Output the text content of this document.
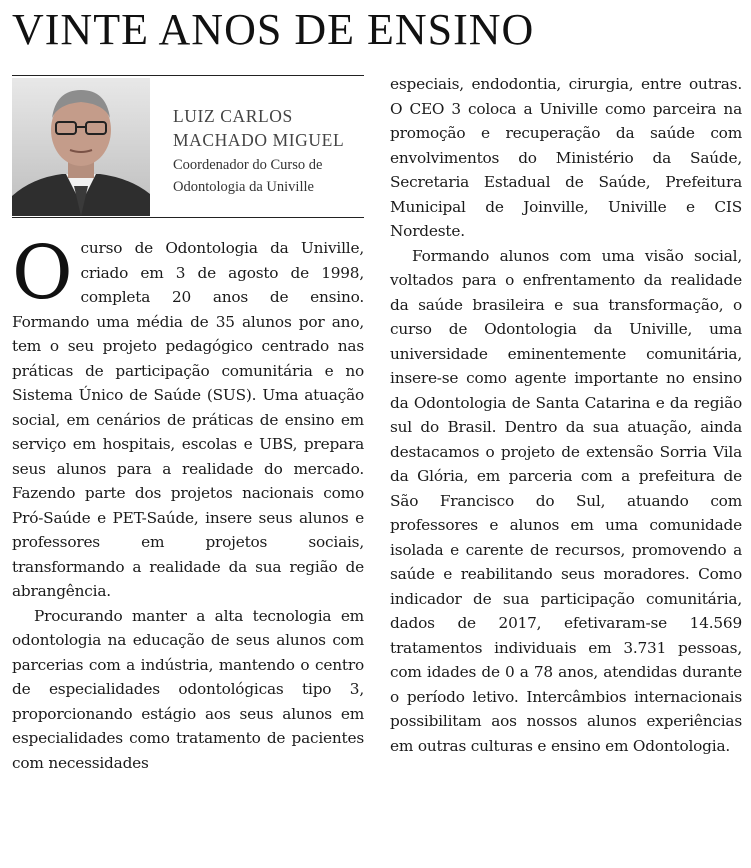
VINTE ANOS DE ENSINO

LUIZ CARLOS
MACHADO MIGUEL

Coordenador do Curso de
Odontologia da Univille

O curso de Odontologia da Univille, criado em 3 de agosto de 1998, completa 20 anos de ensino. Formando uma média de 35 alunos por ano, tem o seu projeto pedagógico centrado nas práticas de participação comunitária e no Sistema Único de Saúde (SUS). Uma atuação social, em cenários de práticas de ensino em serviço em hospitais, escolas e UBS, prepara seus alunos para a realidade do mercado. Fazendo parte dos projetos nacionais como Pró-Saúde e PET-Saúde, insere seus alunos e professores em projetos sociais, transformando a realidade da sua região de abrangência.

Procurando manter a alta tecnologia em odontologia na educação de seus alunos com parcerias com a indústria, mantendo o centro de especialidades odontológicas tipo 3, proporcionando estágio aos seus alunos em especialidades como tratamento de pacientes com necessidades

especiais, endodontia, cirurgia, entre outras. O CEO 3 coloca a Univille como parceira na promoção e recuperação da saúde com envolvimentos do Ministério da Saúde, Secretaria Estadual de Saúde, Prefeitura Municipal de Joinville, Univille e CIS Nordeste.

Formando alunos com uma visão social, voltados para o enfrentamento da realidade da saúde brasileira e sua transformação, o curso de Odontologia da Univille, uma universidade eminentemente comunitária, insere-se como agente importante no ensino da Odontologia de Santa Catarina e da região sul do Brasil. Dentro da sua atuação, ainda destacamos o projeto de extensão Sorria Vila da Glória, em parceria com a prefeitura de São Francisco do Sul, atuando com professores e alunos em uma comunidade isolada e carente de recursos, promovendo a saúde e reabilitando seus moradores. Como indicador de sua participação comunitária, dados de 2017, efetivaram-se 14.569 tratamentos individuais em 3.731 pessoas, com idades de 0 a 78 anos, atendidas durante o período letivo. Intercâmbios internacionais possibilitam aos nossos alunos experiências em outras culturas e ensino em Odontologia.
